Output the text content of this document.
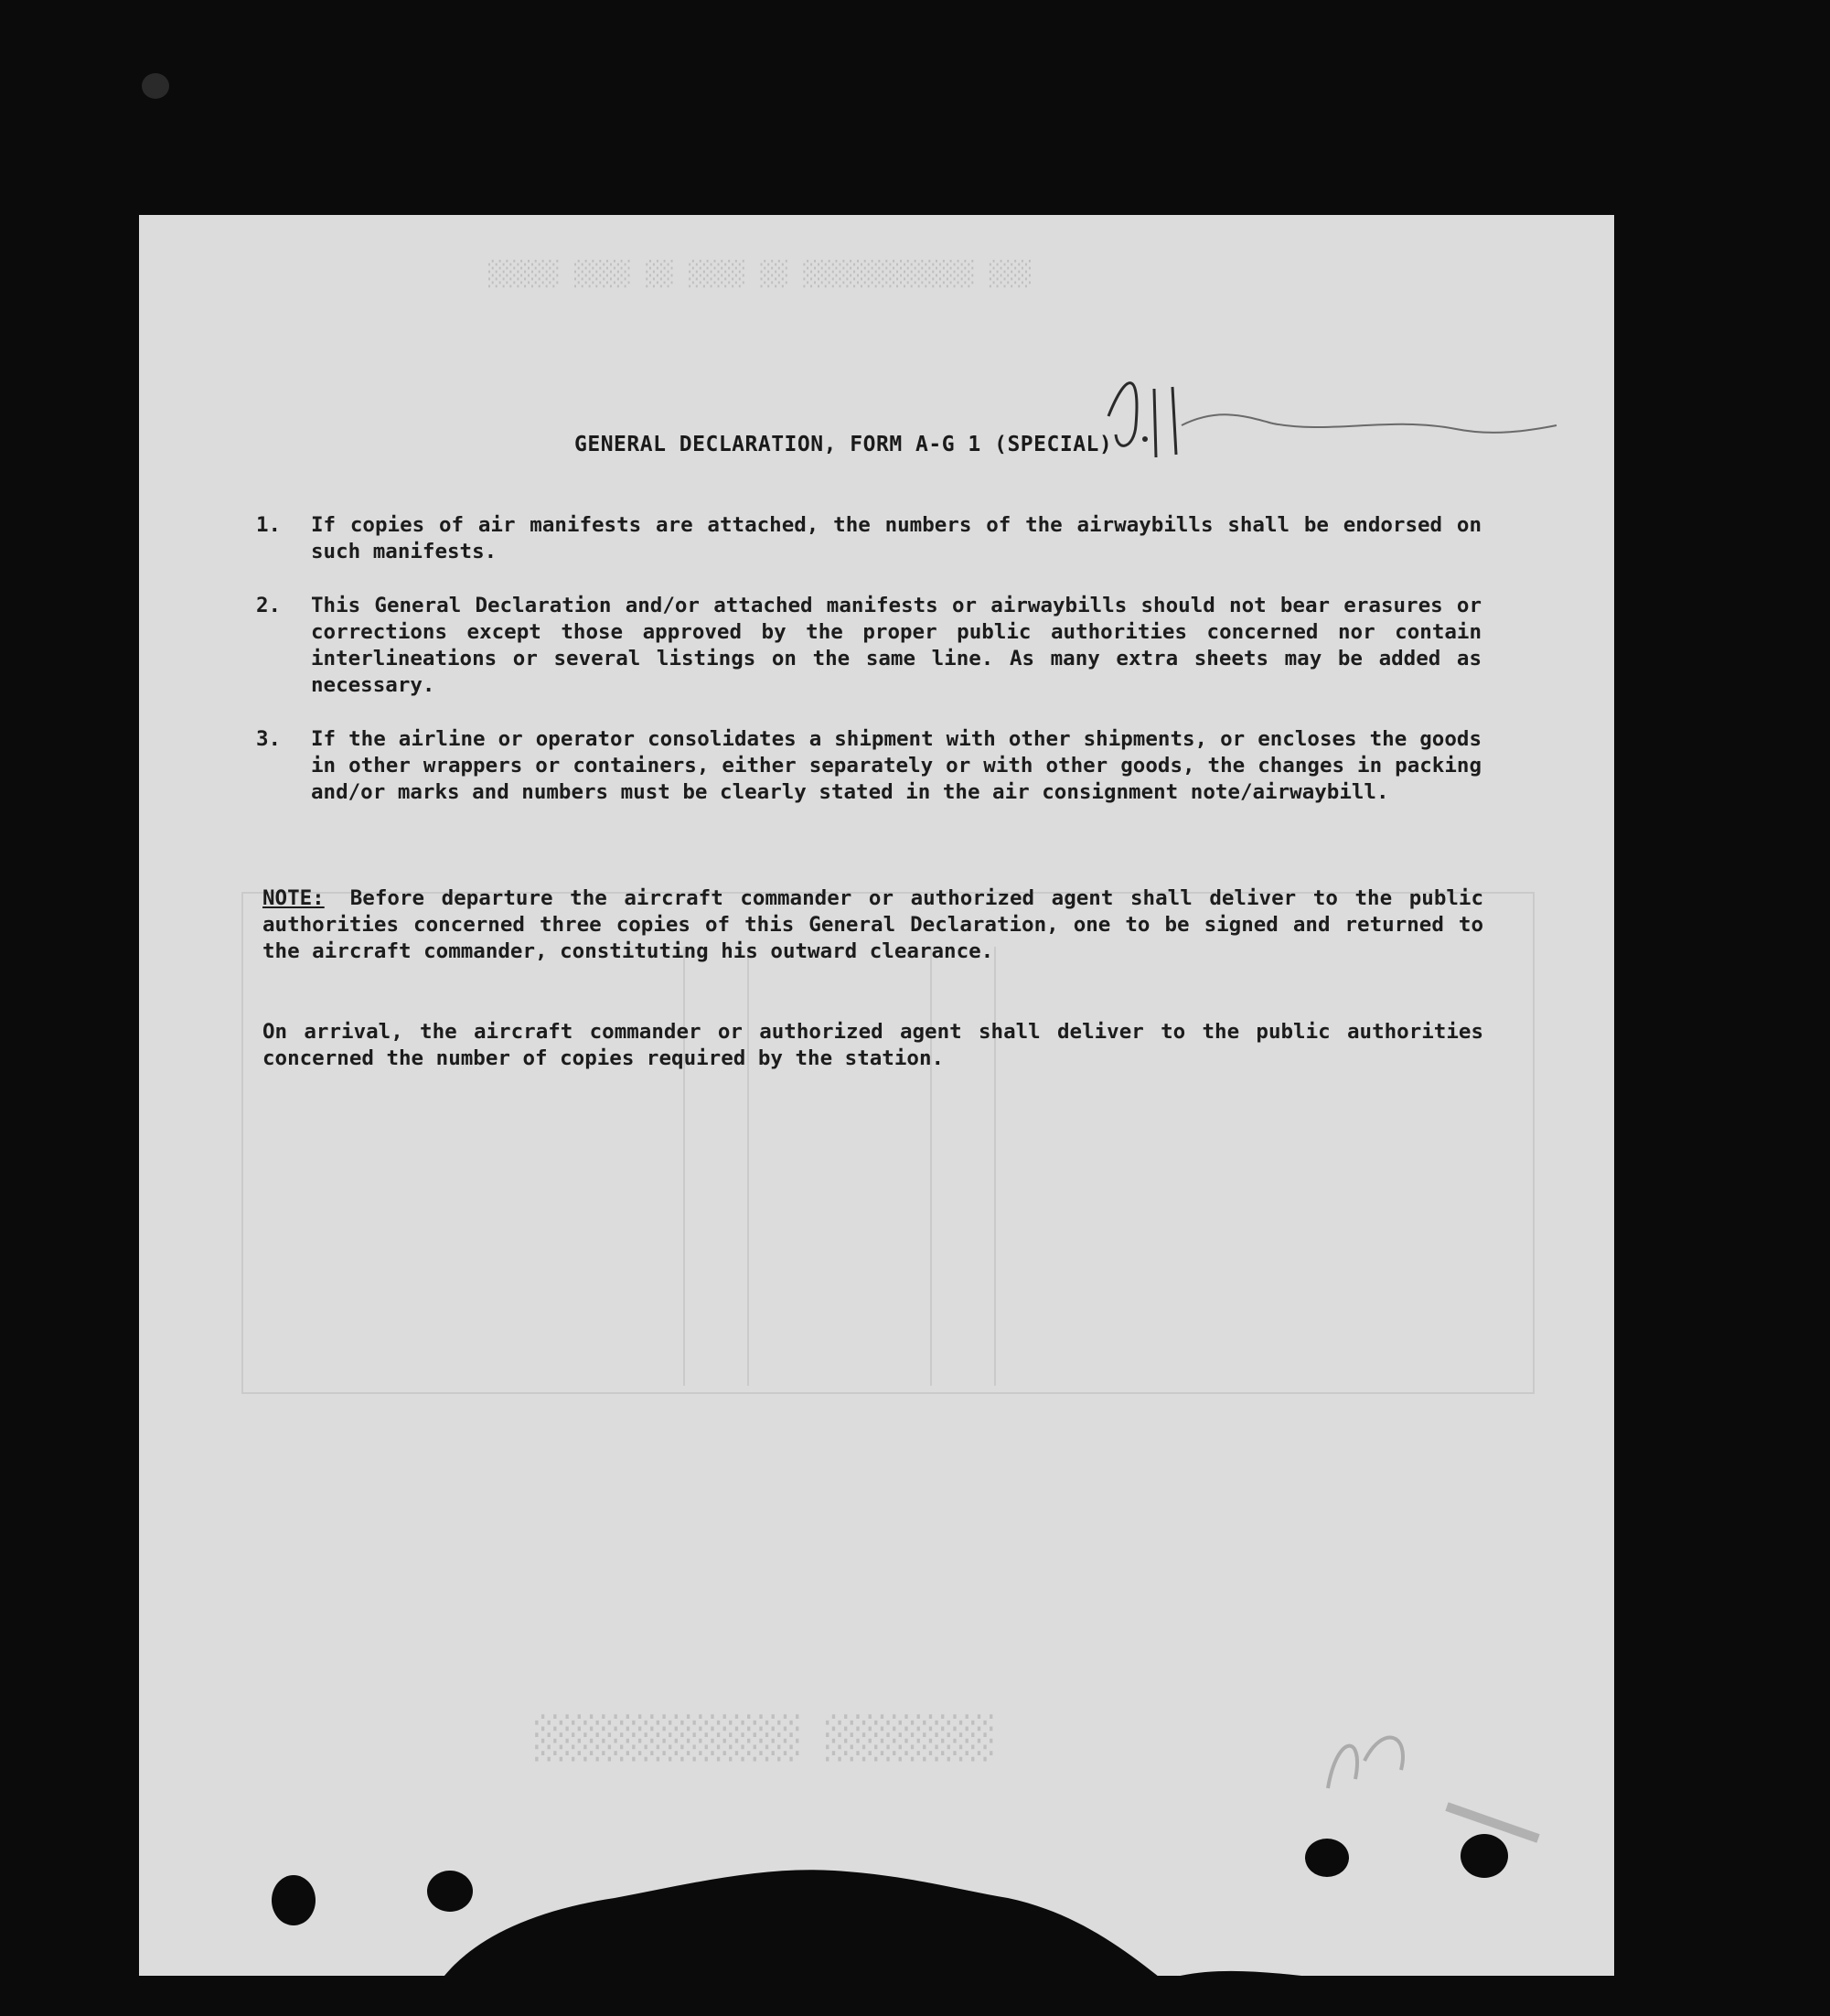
░░░ ░░░░░░░░░░░░ ░░ ░░░░ ░░ ░░░░ ░░░░░
░░░░░░░ ░░░░░░░░░░░
GENERAL DECLARATION, FORM A-G 1 (SPECIAL)
1.	If copies of air manifests are attached, the numbers of the airwaybills shall be endorsed on such manifests.
2.	This General Declaration and/or attached manifests or airwaybills should not bear erasures or corrections except those approved by the proper public authorities concerned nor contain interlineations or several listings on the same line. As many extra sheets may be added as necessary.
3.	If the airline or operator consolidates a shipment with other shipments, or encloses the goods in other wrappers or containers, either separately or with other goods, the changes in packing and/or marks and numbers must be clearly stated in the air consignment note/airwaybill.
NOTE: Before departure the aircraft commander or authorized agent shall deliver to the public authorities concerned three copies of this General Declaration, one to be signed and returned to the aircraft commander, constituting his outward clearance.
On arrival, the aircraft commander or authorized agent shall deliver to the public authorities concerned the number of copies required by the station.
